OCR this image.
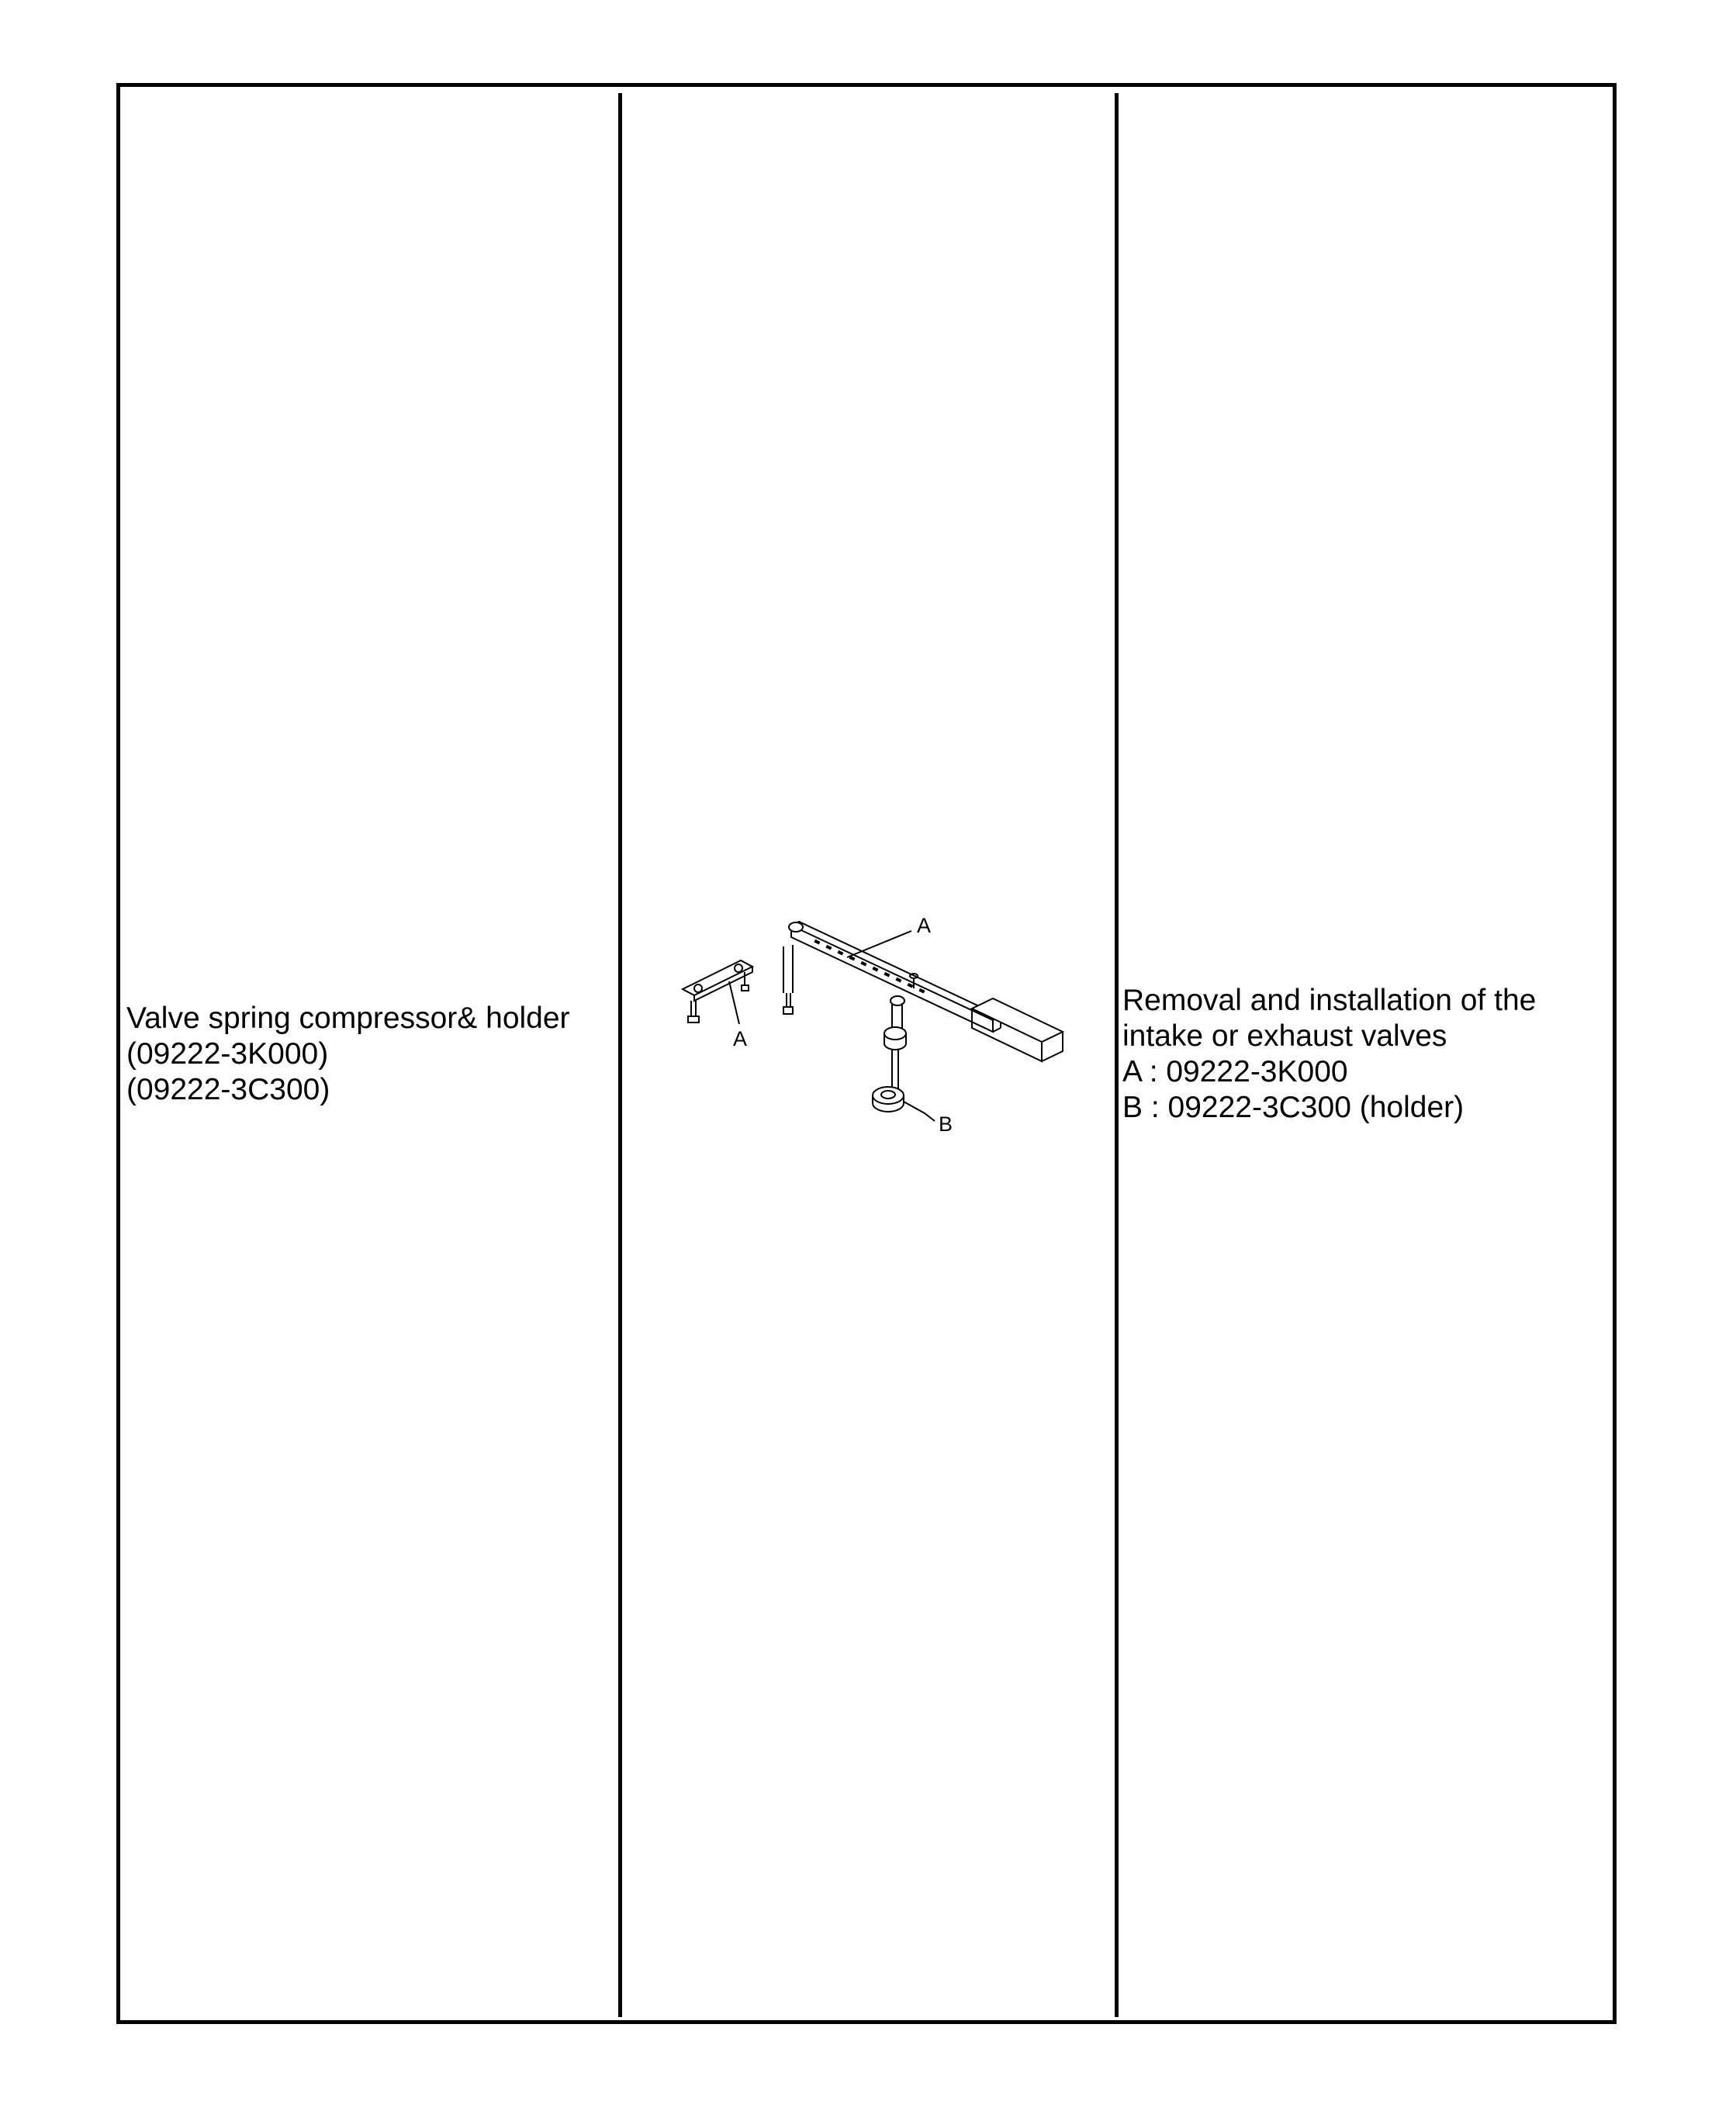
Valve spring compressor& holder
(09222-3K000)
(09222-3C300)
A
A
B
Removal and installation of the
intake or exhaust valves
A : 09222-3K000
B : 09222-3C300 (holder)
